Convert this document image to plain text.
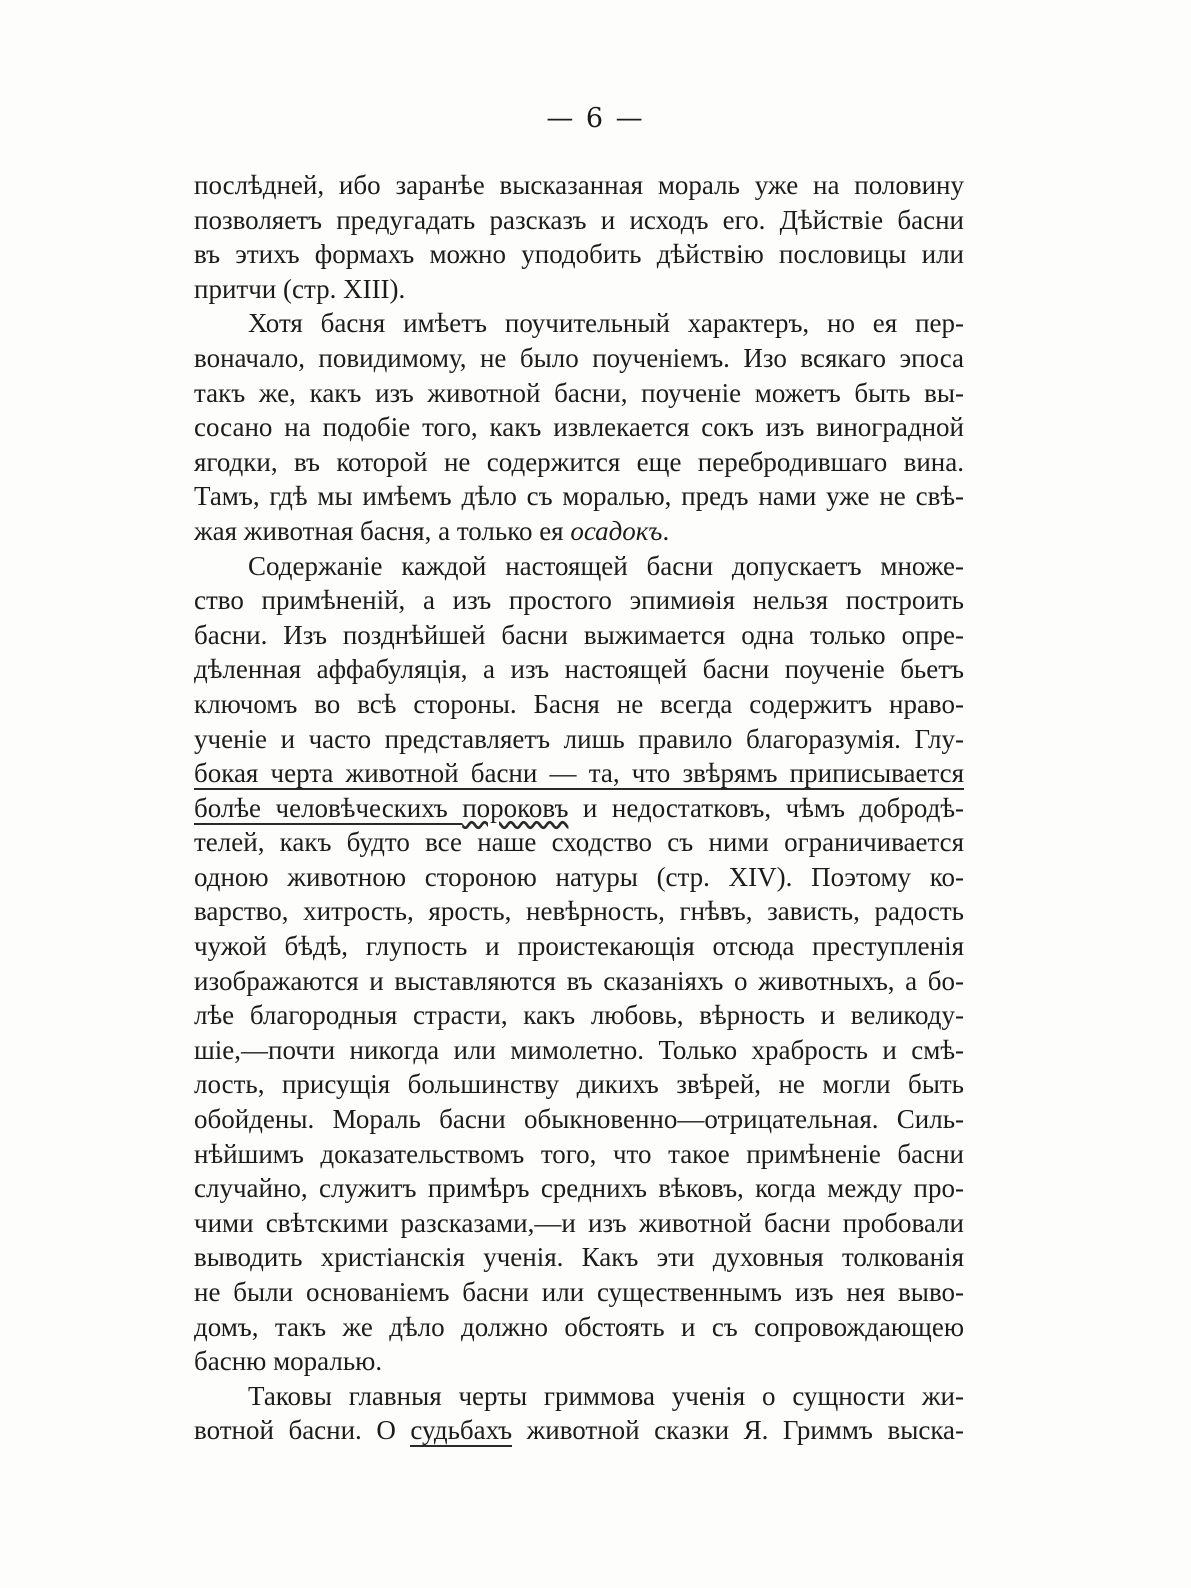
— 6 —
послѣдней, ибо заранѣе высказанная мораль уже на половину
позволяетъ предугадать разсказъ и исходъ его. Дѣйствіе басни
въ этихъ формахъ можно уподобить дѣйствію пословицы или
притчи (стр. XIII).
Хотя басня имѣетъ поучительный характеръ, но ея пер-
воначало, повидимому, не было поученіемъ. Изо всякаго эпоса
такъ же, какъ изъ животной басни, поученіе можетъ быть вы-
сосано на подобіе того, какъ извлекается сокъ изъ виноградной
ягодки, въ которой не содержится еще перебродившаго вина.
Тамъ, гдѣ мы имѣемъ дѣло съ моралью, предъ нами уже не свѣ-
жая животная басня, а только ея осадокъ.
Содержаніе каждой настоящей басни допускаетъ множе-
ство примѣненій, а изъ простого эпимиѳія нельзя построить
басни. Изъ позднѣйшей басни выжимается одна только опре-
дѣленная аффабуляція, а изъ настоящей басни поученіе бьетъ
ключомъ во всѣ стороны. Басня не всегда содержитъ нраво-
ученіе и часто представляетъ лишь правило благоразумія. Глу-
бокая черта животной басни — та, что звѣрямъ приписывается
болѣе человѣческихъ пороковъ и недостатковъ, чѣмъ добродѣ-
телей, какъ будто все наше сходство съ ними ограничивается
одною животною стороною натуры (стр. XIV). Поэтому ко-
варство, хитрость, ярость, невѣрность, гнѣвъ, зависть, радость
чужой бѣдѣ, глупость и проистекающія отсюда преступленія
изображаются и выставляются въ сказаніяхъ о животныхъ, а бо-
лѣе благородныя страсти, какъ любовь, вѣрность и великоду-
шіе,—почти никогда или мимолетно. Только храбрость и смѣ-
лость, присущія большинству дикихъ звѣрей, не могли быть
обойдены. Мораль басни обыкновенно—отрицательная. Силь-
нѣйшимъ доказательствомъ того, что такое примѣненіе басни
случайно, служитъ примѣръ среднихъ вѣковъ, когда между про-
чими свѣтскими разсказами,—и изъ животной басни пробовали
выводить христіанскія ученія. Какъ эти духовныя толкованія
не были основаніемъ басни или существеннымъ изъ нея выво-
домъ, такъ же дѣло должно обстоять и съ сопровождающею
басню моралью.
Таковы главныя черты гриммова ученія о сущности жи-
вотной басни. О судьбахъ животной сказки Я. Гриммъ выска-
